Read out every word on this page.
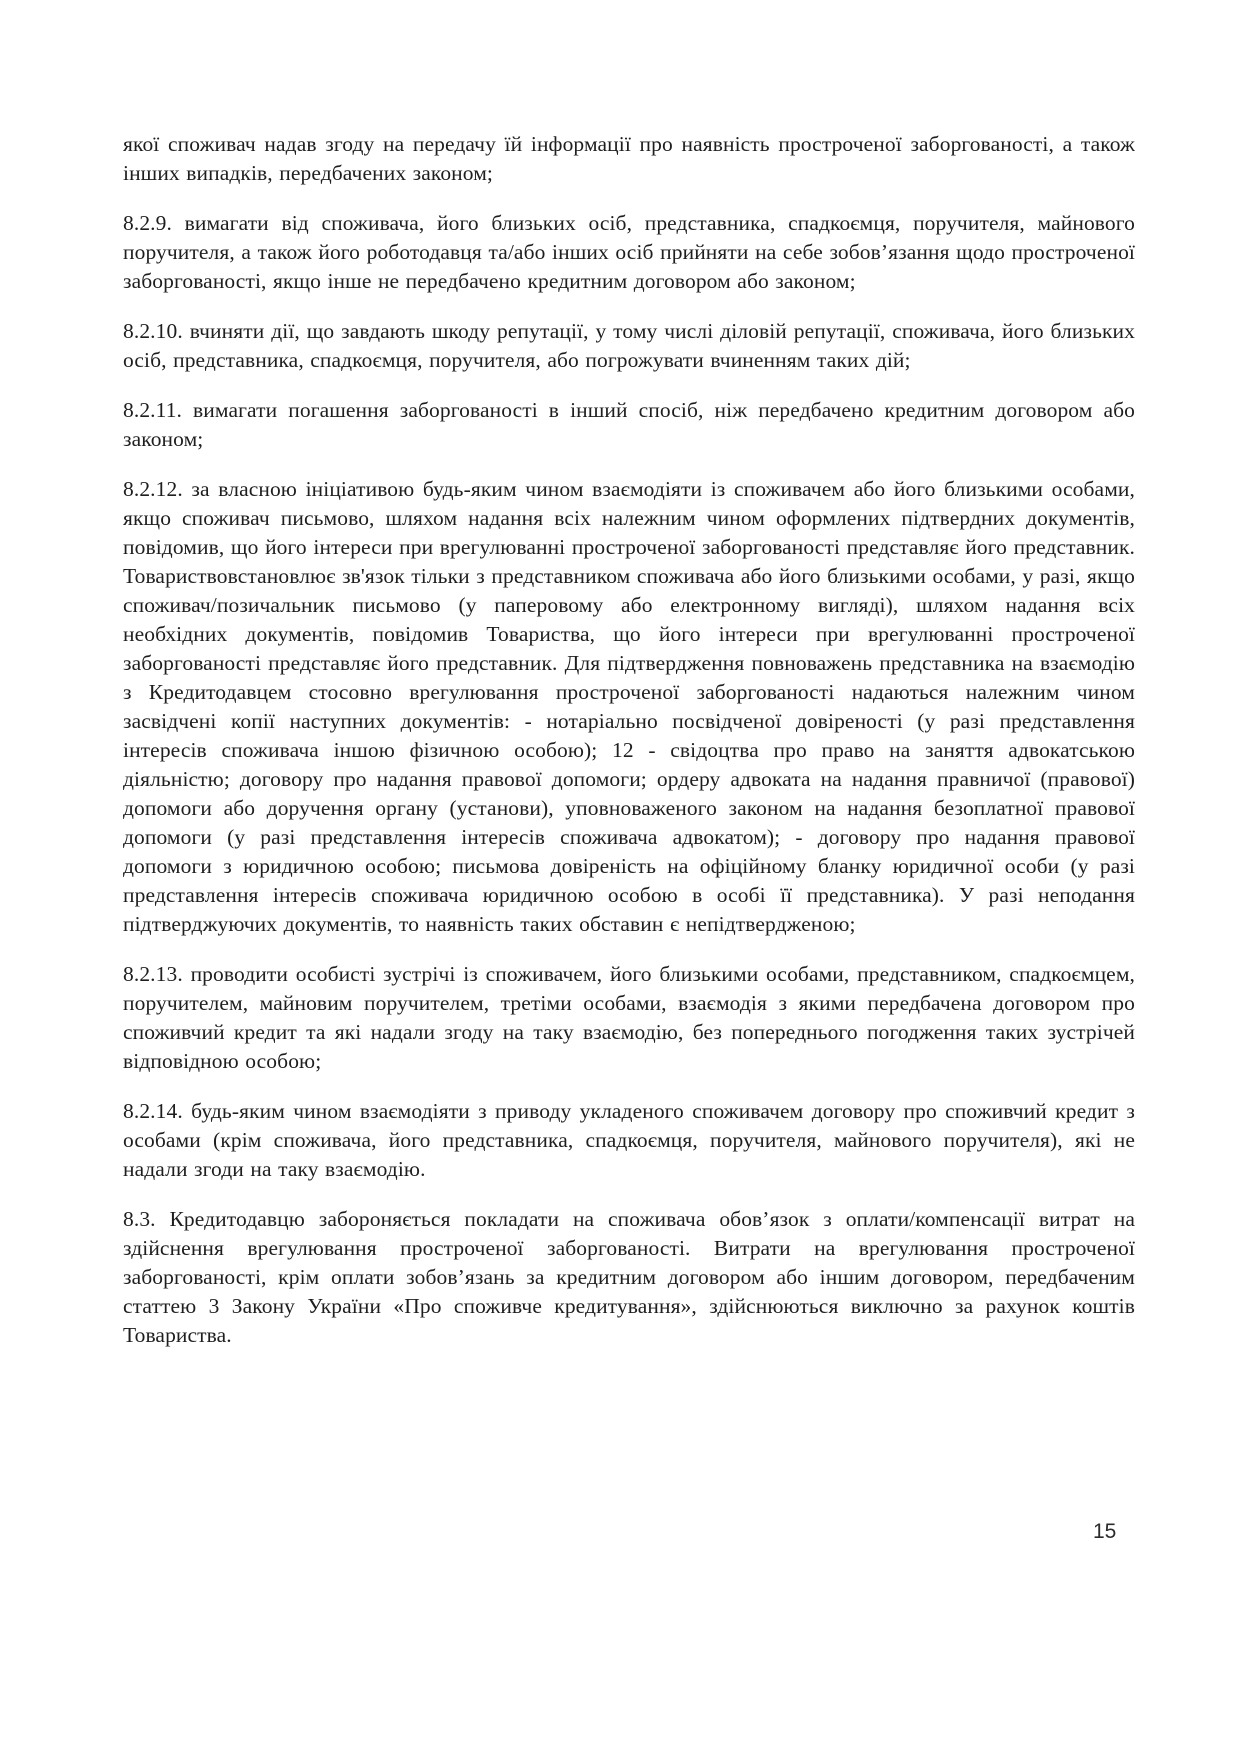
якої споживач надав згоду на передачу їй інформації про наявність простроченої заборгованості, а також інших випадків, передбачених законом;

8.2.9. вимагати від споживача, його близьких осіб, представника, спадкоємця, поручителя, майнового поручителя, а також його роботодавця та/або інших осіб прийняти на себе зобов’язання щодо простроченої заборгованості, якщо інше не передбачено кредитним договором або законом;

8.2.10. вчиняти дії, що завдають шкоду репутації, у тому числі діловій репутації, споживача, його близьких осіб, представника, спадкоємця, поручителя, або погрожувати вчиненням таких дій;

8.2.11. вимагати погашення заборгованості в інший спосіб, ніж передбачено кредитним договором або законом;

8.2.12. за власною ініціативою будь-яким чином взаємодіяти із споживачем або його близькими особами, якщо споживач письмово, шляхом надання всіх належним чином оформлених підтвердних документів, повідомив, що його інтереси при врегулюванні простроченої заборгованості представляє його представник. Товариствовстановлює зв'язок тільки з представником споживача або його близькими особами, у разі, якщо споживач/позичальник письмово (у паперовому або електронному вигляді), шляхом надання всіх необхідних документів, повідомив Товариства, що його інтереси при врегулюванні простроченої заборгованості представляє його представник. Для підтвердження повноважень представника на взаємодію з Кредитодавцем стосовно врегулювання простроченої заборгованості надаються належним чином засвідчені копії наступних документів: - нотаріально посвідченої довіреності (у разі представлення інтересів споживача іншою фізичною особою); 12 - свідоцтва про право на заняття адвокатською діяльністю; договору про надання правової допомоги; ордеру адвоката на надання правничої (правової) допомоги або доручення органу (установи), уповноваженого законом на надання безоплатної правової допомоги (у разі представлення інтересів споживача адвокатом); - договору про надання правової допомоги з юридичною особою; письмова довіреність на офіційному бланку юридичної особи (у разі представлення інтересів споживача юридичною особою в особі її представника). У разі неподання підтверджуючих документів, то наявність таких обставин є непідтвердженою;

8.2.13. проводити особисті зустрічі із споживачем, його близькими особами, представником, спадкоємцем, поручителем, майновим поручителем, третіми особами, взаємодія з якими передбачена договором про споживчий кредит та які надали згоду на таку взаємодію, без попереднього погодження таких зустрічей відповідною особою;

8.2.14. будь-яким чином взаємодіяти з приводу укладеного споживачем договору про споживчий кредит з особами (крім споживача, його представника, спадкоємця, поручителя, майнового поручителя), які не надали згоди на таку взаємодію.

8.3. Кредитодавцю забороняється покладати на споживача обов’язок з оплати/компенсації витрат на здійснення врегулювання простроченої заборгованості. Витрати на врегулювання простроченої заборгованості, крім оплати зобов’язань за кредитним договором або іншим договором, передбаченим статтею 3 Закону України «Про споживче кредитування», здійснюються виключно за рахунок коштів Товариства.

15
